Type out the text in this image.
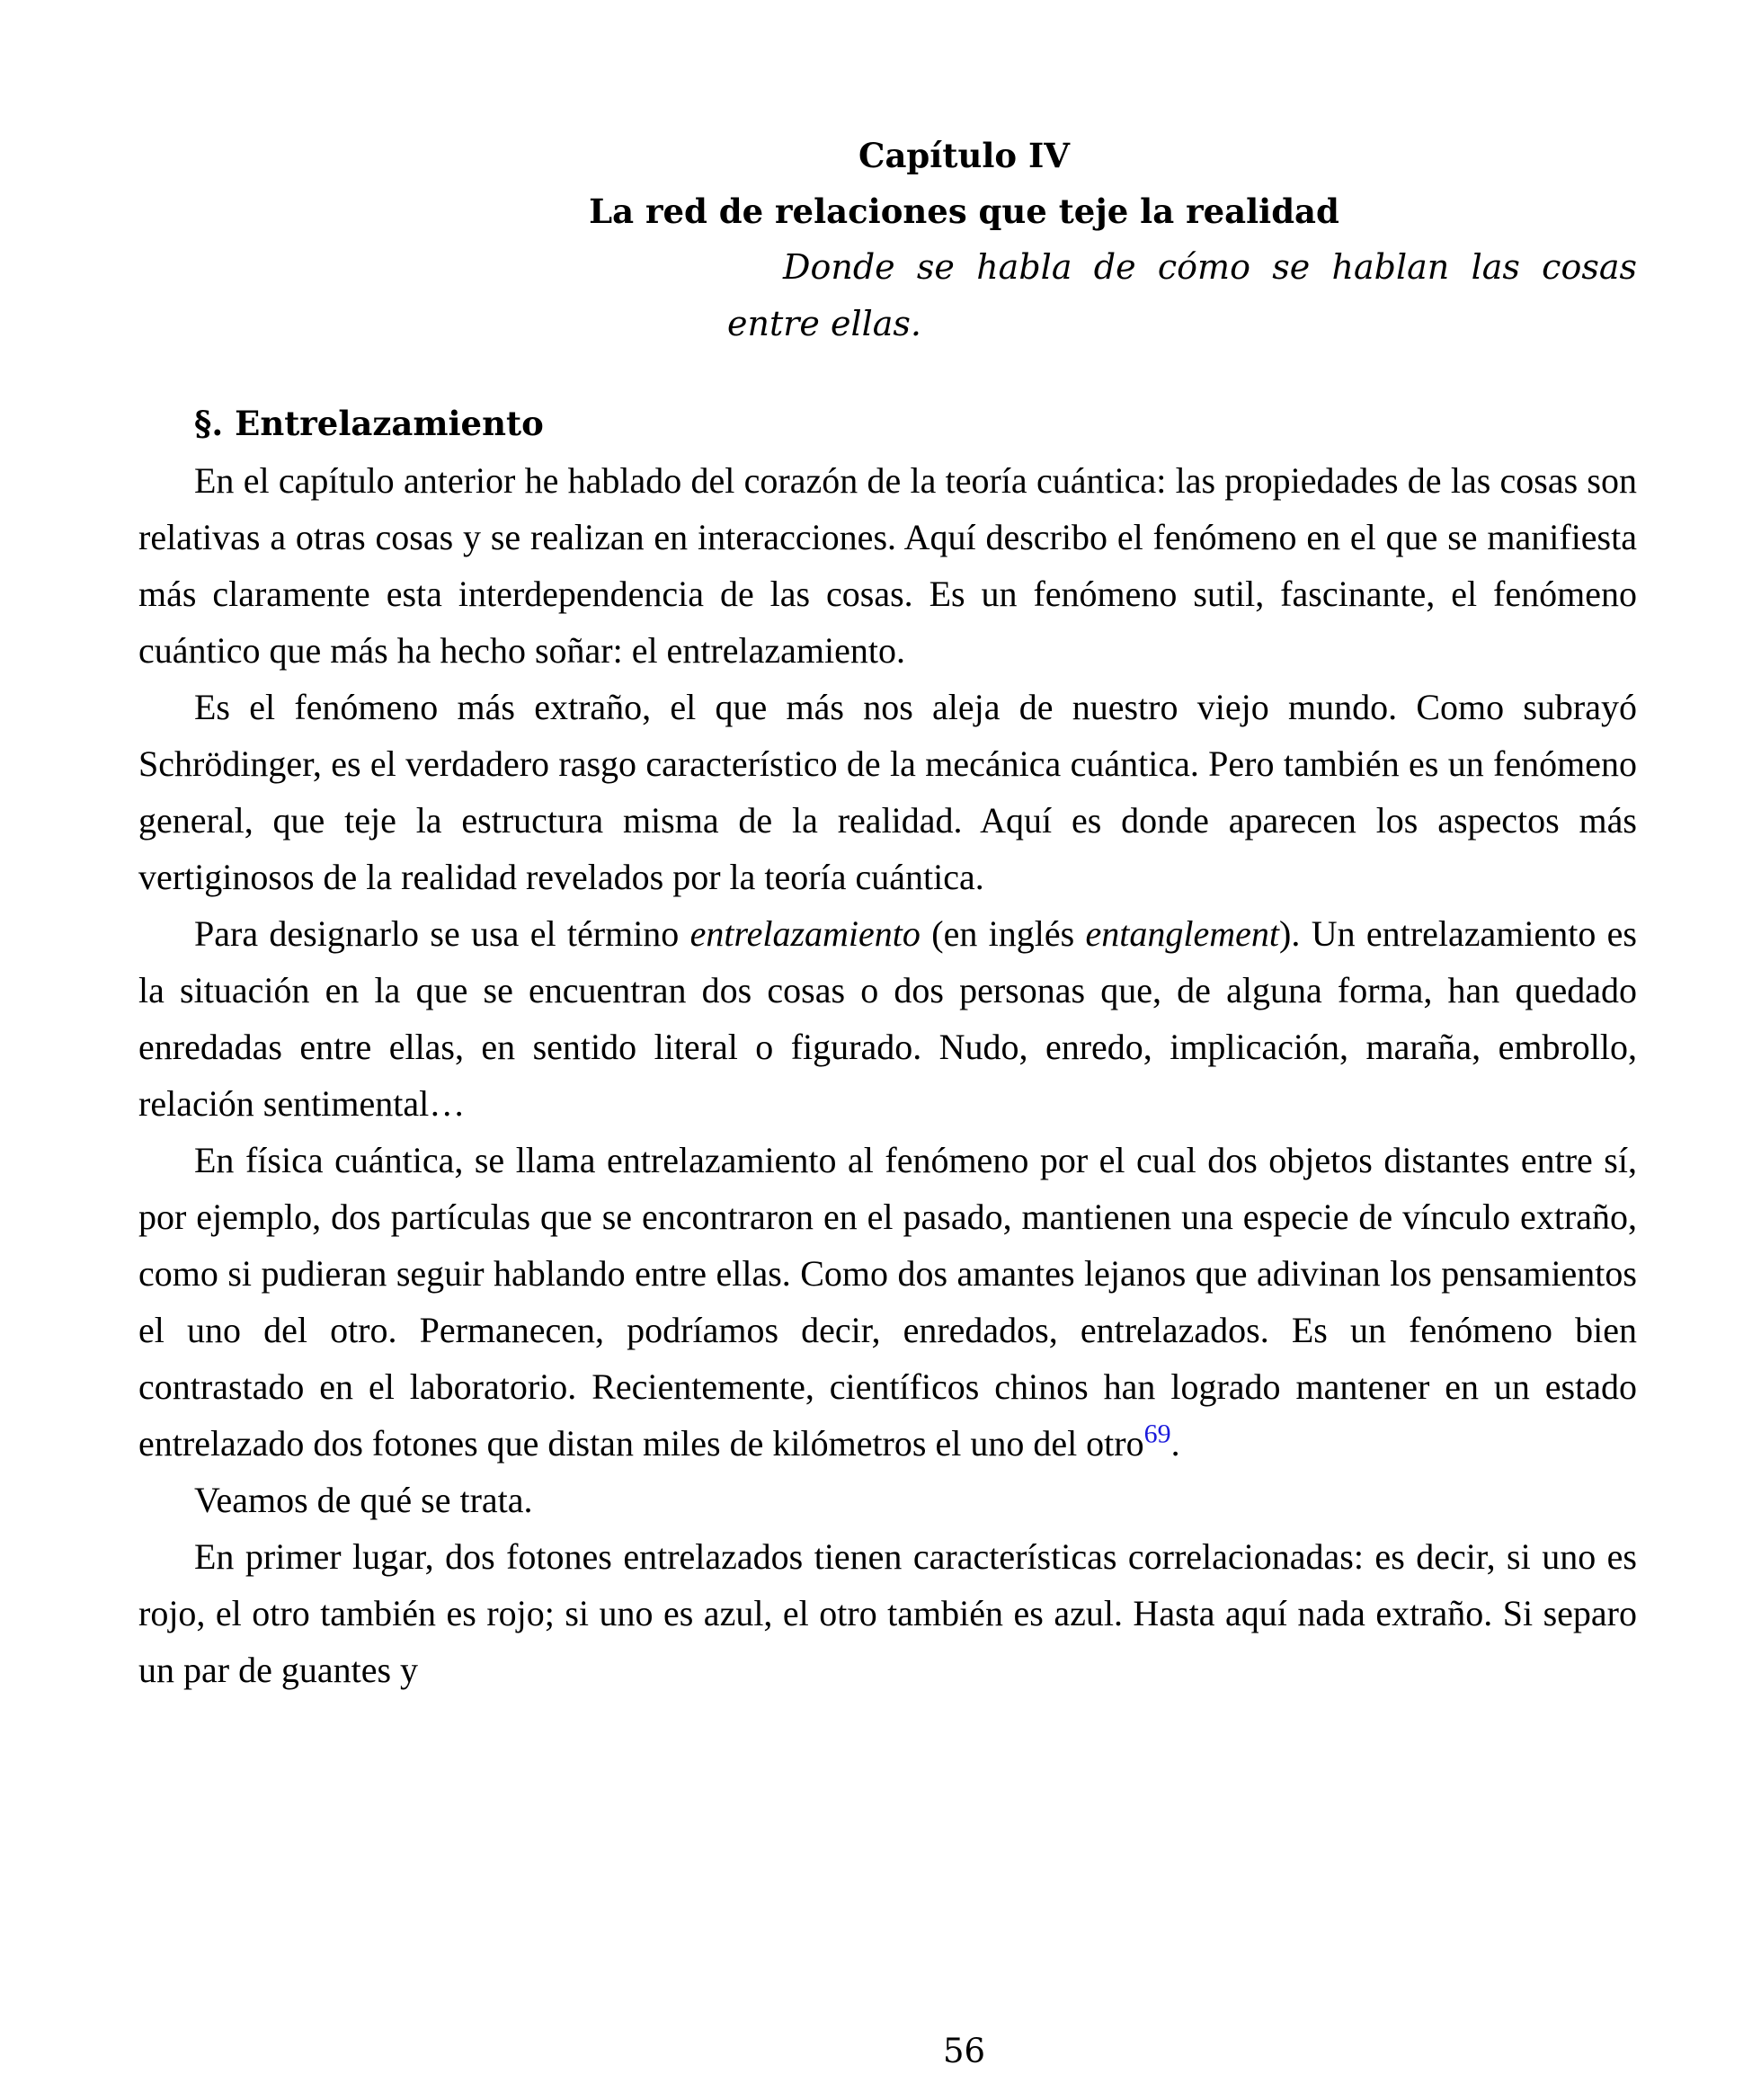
Capítulo IV
La red de relaciones que teje la realidad
Donde se habla de cómo se hablan las cosas entre ellas.

§. Entrelazamiento

En el capítulo anterior he hablado del corazón de la teoría cuántica: las propiedades de las cosas son relativas a otras cosas y se realizan en interacciones. Aquí describo el fenómeno en el que se manifiesta más claramente esta interdependencia de las cosas. Es un fenómeno sutil, fascinante, el fenómeno cuántico que más ha hecho soñar: el entrelazamiento.

Es el fenómeno más extraño, el que más nos aleja de nuestro viejo mundo. Como subrayó Schrödinger, es el verdadero rasgo característico de la mecánica cuántica. Pero también es un fenómeno general, que teje la estructura misma de la realidad. Aquí es donde aparecen los aspectos más vertiginosos de la realidad revelados por la teoría cuántica.

Para designarlo se usa el término entrelazamiento (en inglés entanglement). Un entrelazamiento es la situación en la que se encuentran dos cosas o dos personas que, de alguna forma, han quedado enredadas entre ellas, en sentido literal o figurado. Nudo, enredo, implicación, maraña, embrollo, relación sentimental…

En física cuántica, se llama entrelazamiento al fenómeno por el cual dos objetos distantes entre sí, por ejemplo, dos partículas que se encontraron en el pasado, mantienen una especie de vínculo extraño, como si pudieran seguir hablando entre ellas. Como dos amantes lejanos que adivinan los pensamientos el uno del otro. Permanecen, podríamos decir, enredados, entrelazados. Es un fenómeno bien contrastado en el laboratorio. Recientemente, científicos chinos han logrado mantener en un estado entrelazado dos fotones que distan miles de kilómetros el uno del otro$^{69}$.

Veamos de qué se trata.

En primer lugar, dos fotones entrelazados tienen características correlacionadas: es decir, si uno es rojo, el otro también es rojo; si uno es azul, el otro también es azul. Hasta aquí nada extraño. Si separo un par de guantes y

56
